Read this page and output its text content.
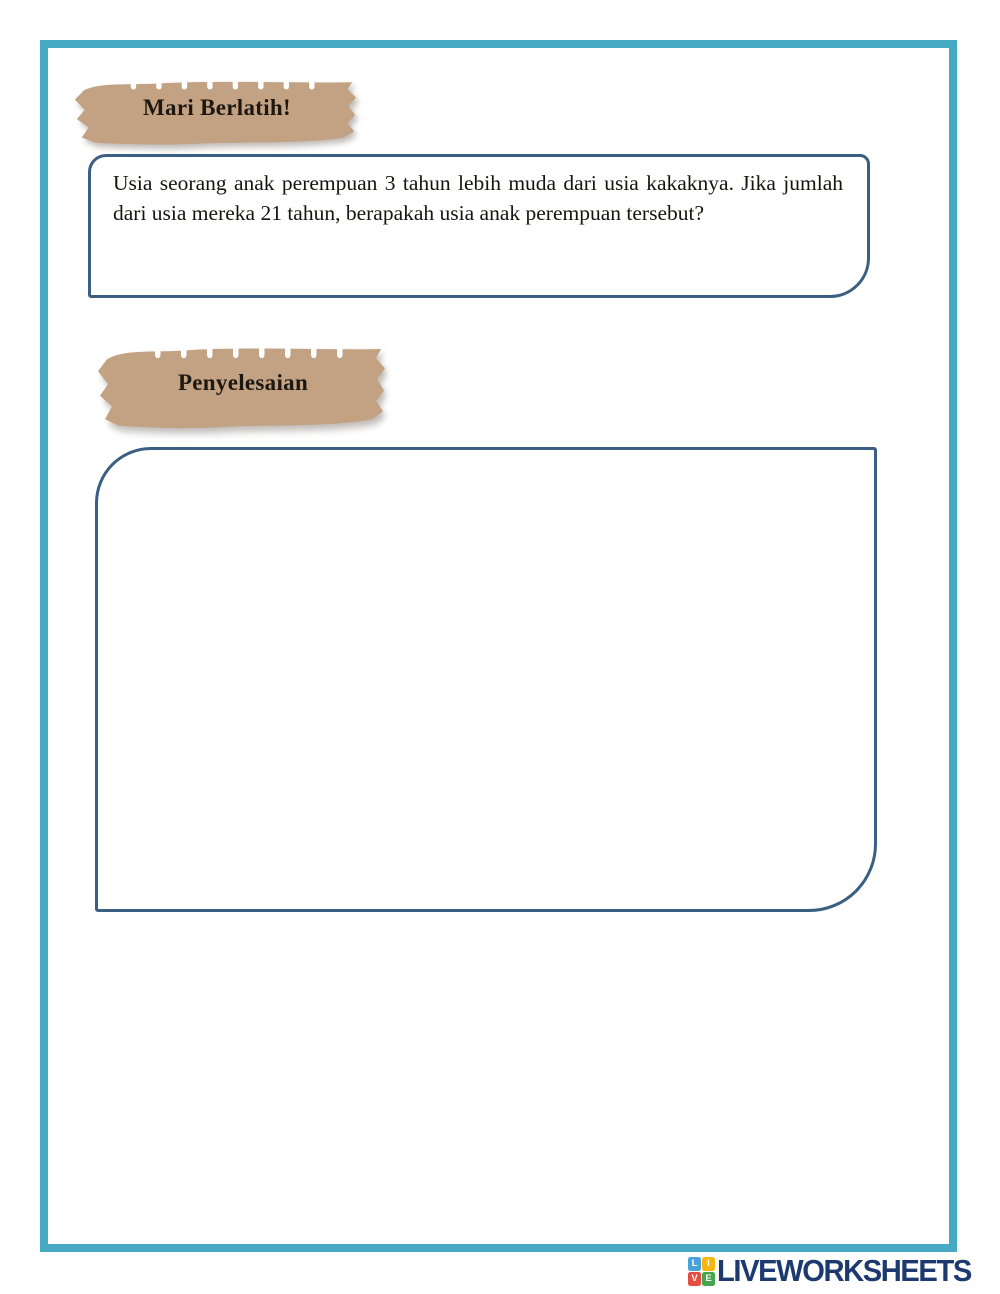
Mari Berlatih!

Usia seorang anak perempuan 3 tahun lebih muda dari usia kakaknya. Jika jumlah dari usia mereka 21 tahun, berapakah usia anak perempuan tersebut?

Penyelesaian
L	I
V E LIVEWORKSHEETS
